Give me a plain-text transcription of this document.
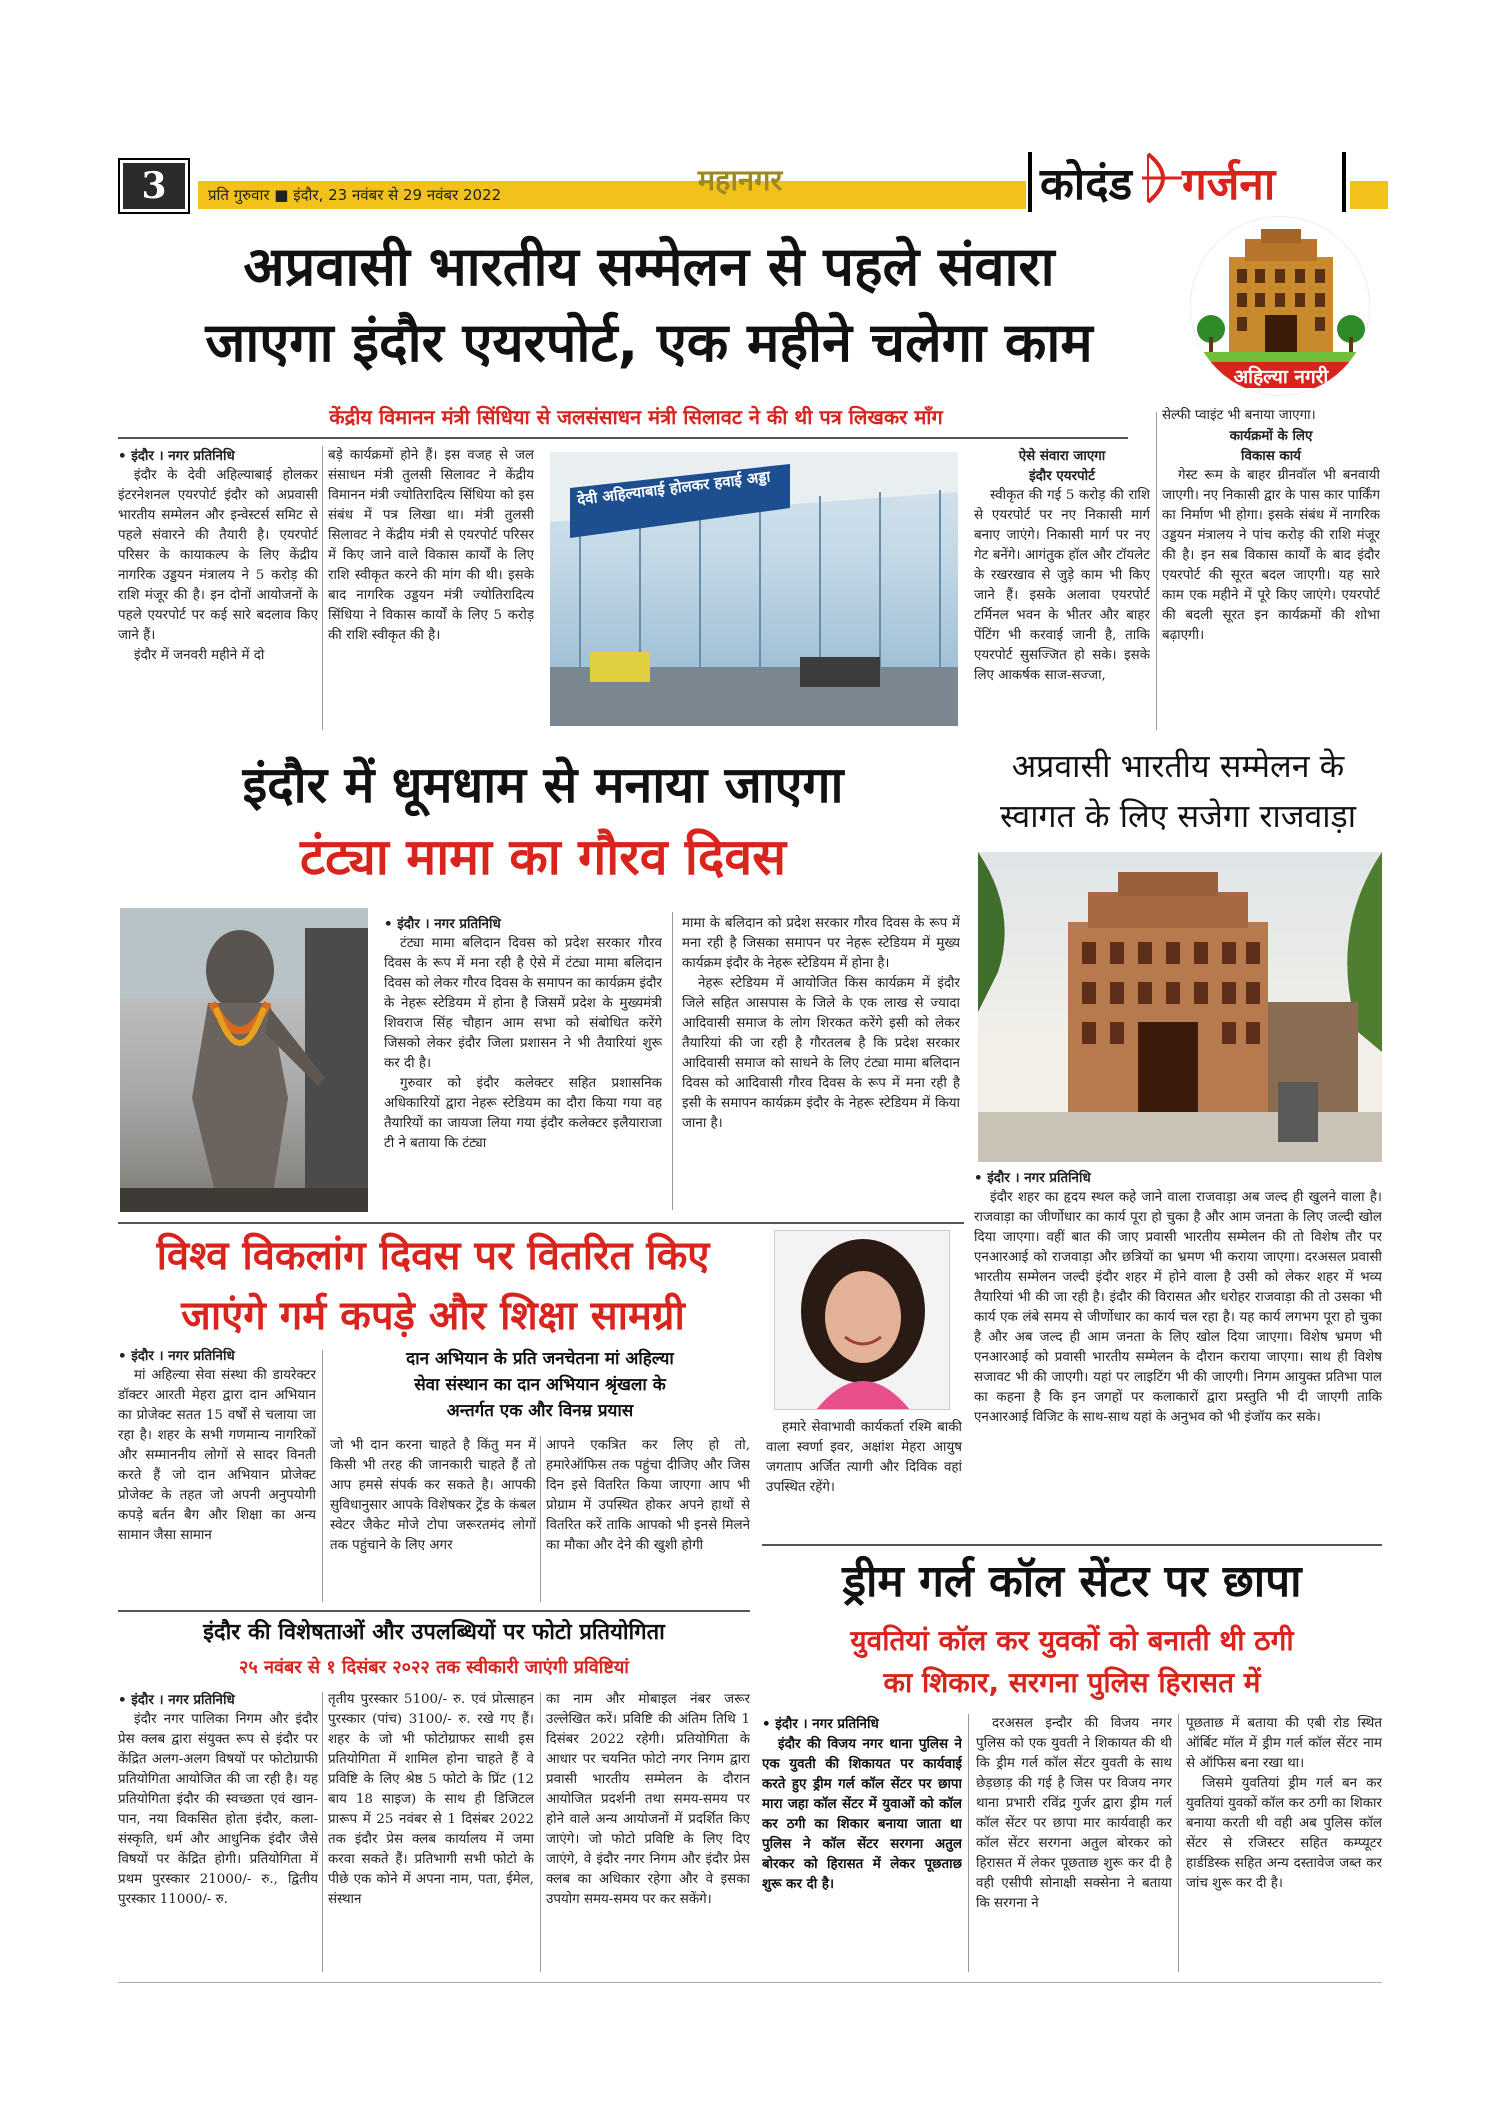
3	प्रति गुरुवार ■ इंदौर, 23 नवंबर से 29 नवंबर 2022	महानगर	कोदंड गर्जना
अहिल्या नगरी
अप्रवासी भारतीय सम्मेलन से पहले संवारा
जाएगा इंदौर एयरपोर्ट, एक महीने चलेगा काम
केंद्रीय विमानन मंत्री सिंधिया से जलसंसाधन मंत्री सिलावट ने की थी पत्र लिखकर माँग
• इंदौर । नगर प्रतिनिधि

इंदौर के देवी अहिल्याबाई होलकर इंटरनेशनल एयरपोर्ट इंदौर को अप्रवासी भारतीय सम्मेलन और इन्वेस्टर्स समिट से पहले संवारने की तैयारी है। एयरपोर्ट परिसर के कायाकल्प के लिए केंद्रीय नागरिक उड्डयन मंत्रालय ने 5 करोड़ की राशि मंजूर की है। इन दोनों आयोजनों के पहले एयरपोर्ट पर कई सारे बदलाव किए जाने हैं।

इंदौर में जनवरी महीने में दो

बड़े कार्यक्रमों होने हैं। इस वजह से जल संसाधन मंत्री तुलसी सिलावट ने केंद्रीय विमानन मंत्री ज्योतिरादित्य सिंधिया को इस संबंध में पत्र लिखा था। मंत्री तुलसी सिलावट ने केंद्रीय मंत्री से एयरपोर्ट परिसर में किए जाने वाले विकास कार्यों के लिए राशि स्वीकृत करने की मांग की थी। इसके बाद नागरिक उड्डयन मंत्री ज्योतिरादित्य सिंधिया ने विकास कार्यों के लिए 5 करोड़ की राशि स्वीकृत की है।

देवी अहिल्याबाई होलकर हवाई अड्डा
ऐसे संवारा जाएगा
इंदौर एयरपोर्ट

स्वीकृत की गई 5 करोड़ की राशि से एयरपोर्ट पर नए निकासी मार्ग बनाए जाएंगे। निकासी मार्ग पर नए गेट बनेंगे। आगंतुक हॉल और टॉयलेट के रखरखाव से जुड़े काम भी किए जाने हैं। इसके अलावा एयरपोर्ट टर्मिनल भवन के भीतर और बाहर पेंटिंग भी करवाई जानी है, ताकि एयरपोर्ट सुसज्जित हो सके। इसके लिए आकर्षक साज-सज्जा,

सेल्फी प्वाइंट भी बनाया जाएगा।
कार्यक्रमों के लिए
विकास कार्य

गेस्ट रूम के बाहर ग्रीनवॉल भी बनवायी जाएगी। नए निकासी द्वार के पास कार पार्किंग का निर्माण भी होगा। इसके संबंध में नागरिक उड्डयन मंत्रालय ने पांच करोड़ की राशि मंजूर की है। इन सब विकास कार्यों के बाद इंदौर एयरपोर्ट की सूरत बदल जाएगी। यह सारे काम एक महीने में पूरे किए जाएंगे। एयरपोर्ट की बदली सूरत इन कार्यक्रमों की शोभा बढ़ाएगी।

इंदौर में धूमधाम से मनाया जाएगा
टंट्या मामा का गौरव दिवस
• इंदौर । नगर प्रतिनिधि

टंट्या मामा बलिदान दिवस को प्रदेश सरकार गौरव दिवस के रूप में मना रही है ऐसे में टंट्या मामा बलिदान दिवस को लेकर गौरव दिवस के समापन का कार्यक्रम इंदौर के नेहरू स्टेडियम में होना है जिसमें प्रदेश के मुख्यमंत्री शिवराज सिंह चौहान आम सभा को संबोधित करेंगे जिसको लेकर इंदौर जिला प्रशासन ने भी तैयारियां शुरू कर दी है।

गुरुवार को इंदौर कलेक्टर सहित प्रशासनिक अधिकारियों द्वारा नेहरू स्टेडियम का दौरा किया गया वह तैयारियों का जायजा लिया गया इंदौर कलेक्टर इलैयाराजा टी ने बताया कि टंट्या

मामा के बलिदान को प्रदेश सरकार गौरव दिवस के रूप में मना रही है जिसका समापन पर नेहरू स्टेडियम में मुख्य कार्यक्रम इंदौर के नेहरू स्टेडियम में होना है।

नेहरू स्टेडियम में आयोजित किस कार्यक्रम में इंदौर जिले सहित आसपास के जिले के एक लाख से ज्यादा आदिवासी समाज के लोग शिरकत करेंगे इसी को लेकर तैयारियां की जा रही है गौरतलब है कि प्रदेश सरकार आदिवासी समाज को साधने के लिए टंट्या मामा बलिदान दिवस को आदिवासी गौरव दिवस के रूप में मना रही है इसी के समापन कार्यक्रम इंदौर के नेहरू स्टेडियम में किया जाना है।

अप्रवासी भारतीय सम्मेलन के
स्वागत के लिए सजेगा राजवाड़ा
• इंदौर । नगर प्रतिनिधि

इंदौर शहर का हृदय स्थल कहे जाने वाला राजवाड़ा अब जल्द ही खुलने वाला है। राजवाड़ा का जीर्णोधार का कार्य पूरा हो चुका है और आम जनता के लिए जल्दी खोल दिया जाएगा। वहीं बात की जाए प्रवासी भारतीय सम्मेलन की तो विशेष तौर पर एनआरआई को राजवाड़ा और छत्रियों का भ्रमण भी कराया जाएगा। दरअसल प्रवासी भारतीय सम्मेलन जल्दी इंदौर शहर में होने वाला है उसी को लेकर शहर में भव्य तैयारियां भी की जा रही है। इंदौर की विरासत और धरोहर राजवाड़ा की तो उसका भी कार्य एक लंबे समय से जीर्णोधार का कार्य चल रहा है। यह कार्य लगभग पूरा हो चुका है और अब जल्द ही आम जनता के लिए खोल दिया जाएगा। विशेष भ्रमण भी एनआरआई को प्रवासी भारतीय सम्मेलन के दौरान कराया जाएगा। साथ ही विशेष सजावट भी की जाएगी। यहां पर लाइटिंग भी की जाएगी। निगम आयुक्त प्रतिभा पाल का कहना है कि इन जगहों पर कलाकारों द्वारा प्रस्तुति भी दी जाएगी ताकि एनआरआई विजिट के साथ-साथ यहां के अनुभव को भी इंजॉय कर सके।

विश्व विकलांग दिवस पर वितरित किए
जाएंगे गर्म कपड़े और शिक्षा सामग्री
• इंदौर । नगर प्रतिनिधि

मां अहिल्या सेवा संस्था की डायरेक्टर डॉक्टर आरती मेहरा द्वारा दान अभियान का प्रोजेक्ट सतत 15 वर्षों से चलाया जा रहा है। शहर के सभी गणमान्य नागरिकों और सम्माननीय लोगों से सादर विनती करते हैं जो दान अभियान प्रोजेक्ट प्रोजेक्ट के तहत जो अपनी अनुपयोगी कपड़े बर्तन बैग और शिक्षा का अन्य सामान जैसा सामान

दान अभियान के प्रति जनचेतना मां अहिल्या
सेवा संस्थान का दान अभियान श्रृंखला के
अन्तर्गत एक और विनम्र प्रयास

जो भी दान करना चाहते है किंतु मन में किसी भी तरह की जानकारी चाहते हैं तो आप हमसे संपर्क कर सकते है। आपकी सुविधानुसार आपके विशेषकर ट्रेंड के कंबल स्वेटर जैकेट मोजे टोपा जरूरतमंद लोगों तक पहुंचाने के लिए अगर

आपने एकत्रित कर लिए हो तो, हमारेऑफिस तक पहुंचा दीजिए और जिस दिन इसे वितरित किया जाएगा आप भी प्रोग्राम में उपस्थित होकर अपने हाथों से वितरित करें ताकि आपको भी इनसे मिलने का मौका और देने की खुशी होगी

हमारे सेवाभावी कार्यकर्ता रश्मि बाकी वाला स्वर्णा इवर, अक्षांश मेहरा आयुष जगताप अर्जित त्यागी और दिविक वहां उपस्थित रहेंगे।

इंदौर की विशेषताओं और उपलब्धियों पर फोटो प्रतियोगिता
२५ नवंबर से १ दिसंबर २०२२ तक स्वीकारी जाएंगी प्रविष्टियां
• इंदौर । नगर प्रतिनिधि

इंदौर नगर पालिका निगम और इंदौर प्रेस क्लब द्वारा संयुक्त रूप से इंदौर पर केंद्रित अलग-अलग विषयों पर फोटोग्राफी प्रतियोगिता आयोजित की जा रही है। यह प्रतियोगिता इंदौर की स्वच्छता एवं खान-पान, नया विकसित होता इंदौर, कला-संस्कृति, धर्म और आधुनिक इंदौर जैसे विषयों पर केंद्रित होगी। प्रतियोगिता में प्रथम पुरस्कार 21000/- रु., द्वितीय पुरस्कार 11000/- रु.

तृतीय पुरस्कार 5100/- रु. एवं प्रोत्साहन पुरस्कार (पांच) 3100/- रु. रखे गए हैं। शहर के जो भी फोटोग्राफर साथी इस प्रतियोगिता में शामिल होना चाहते हैं वे प्रविष्टि के लिए श्रेष्ठ 5 फोटो के प्रिंट (12 बाय 18 साइज) के साथ ही डिजिटल प्रारूप में 25 नवंबर से 1 दिसंबर 2022 तक इंदौर प्रेस क्लब कार्यालय में जमा करवा सकते हैं। प्रतिभागी सभी फोटो के पीछे एक कोने में अपना नाम, पता, ईमेल, संस्थान

का नाम और मोबाइल नंबर जरूर उल्लेखित करें। प्रविष्टि की अंतिम तिथि 1 दिसंबर 2022 रहेगी। प्रतियोगिता के आधार पर चयनित फोटो नगर निगम द्वारा प्रवासी भारतीय सम्मेलन के दौरान आयोजित प्रदर्शनी तथा समय-समय पर होने वाले अन्य आयोजनों में प्रदर्शित किए जाएंगे। जो फोटो प्रविष्टि के लिए दिए जाएंगे, वे इंदौर नगर निगम और इंदौर प्रेस क्लब का अधिकार रहेगा और वे इसका उपयोग समय-समय पर कर सकेंगे।

ड्रीम गर्ल कॉल सेंटर पर छापा
युवतियां कॉल कर युवकों को बनाती थी ठगी
का शिकार, सरगना पुलिस हिरासत में
• इंदौर । नगर प्रतिनिधि

इंदौर की विजय नगर थाना पुलिस ने एक युवती की शिकायत पर कार्यवाई करते हुए ड्रीम गर्ल कॉल सेंटर पर छापा मारा जहा कॉल सेंटर में युवाओं को कॉल कर ठगी का शिकार बनाया जाता था पुलिस ने कॉल सेंटर सरगना अतुल बोरकर को हिरासत में लेकर पूछताछ शुरू कर दी है।

दरअसल इन्दौर की विजय नगर पुलिस को एक युवती ने शिकायत की थी कि ड्रीम गर्ल कॉल सेंटर युवती के साथ छेड़छाड़ की गई है जिस पर विजय नगर थाना प्रभारी रविंद्र गुर्जर द्वारा ड्रीम गर्ल कॉल सेंटर पर छापा मार कार्यवाही कर कॉल सेंटर सरगना अतुल बोरकर को हिरासत में लेकर पूछताछ शुरू कर दी है वही एसीपी सोनाक्षी सक्सेना ने बताया कि सरगना ने

पूछताछ में बताया की एबी रोड स्थित ऑर्बिट मॉल में ड्रीम गर्ल कॉल सेंटर नाम से ऑफिस बना रखा था।

जिसमे युवतियां ड्रीम गर्ल बन कर युवतियां युवकों कॉल कर ठगी का शिकार बनाया करती थी वही अब पुलिस कॉल सेंटर से रजिस्टर सहित कम्प्यूटर हार्डडिस्क सहित अन्य दस्तावेज जब्त कर जांच शुरू कर दी है।
